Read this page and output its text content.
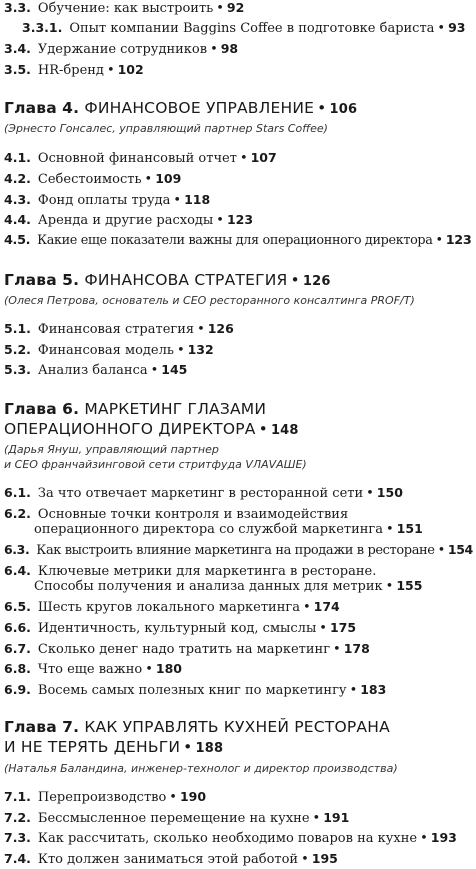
3.3. Обучение: как выстроить • 92
3.3.1. Опыт компании Baggins Coffee в подготовке бариста • 93
3.4. Удержание сотрудников • 98
3.5. HR-бренд • 102
Глава 4. ФИНАНСОВОЕ УПРАВЛЕНИЕ • 106
(Эрнесто Гонсалес, управляющий партнер Stars Coffee)
4.1. Основной финансовый отчет • 107
4.2. Себестоимость • 109
4.3. Фонд оплаты труда • 118
4.4. Аренда и другие расходы • 123
4.5. Какие еще показатели важны для операционного директора • 123
Глава 5. ФИНАНСОВА СТРАТЕГИЯ • 126
(Олеся Петрова, основатель и CEO ресторанного консалтинга PROF/T)
5.1. Финансовая стратегия • 126
5.2. Финансовая модель • 132
5.3. Анализ баланса • 145
Глава 6. МАРКЕТИНГ ГЛАЗАМИ
ОПЕРАЦИОННОГО ДИРЕКТОРА • 148
(Дарья Януш, управляющий партнер
и CEO франчайзинговой сети стритфуда VЛАVАШЕ)
6.1. За что отвечает маркетинг в ресторанной сети • 150
6.2. Основные точки контроля и взаимодействия
операционного директора со службой маркетинга • 151
6.3. Как выстроить влияние маркетинга на продажи в ресторане • 154
6.4. Ключевые метрики для маркетинга в ресторане.
Способы получения и анализа данных для метрик • 155
6.5. Шесть кругов локального маркетинга • 174
6.6. Идентичность, культурный код, смыслы • 175
6.7. Сколько денег надо тратить на маркетинг • 178
6.8. Что еще важно • 180
6.9. Восемь самых полезных книг по маркетингу • 183
Глава 7. КАК УПРАВЛЯТЬ КУХНЕЙ РЕСТОРАНА
И НЕ ТЕРЯТЬ ДЕНЬГИ • 188
(Наталья Баландина, инженер-технолог и директор производства)
7.1. Перепроизводство • 190
7.2. Бессмысленное перемещение на кухне • 191
7.3. Как рассчитать, сколько необходимо поваров на кухне • 193
7.4. Кто должен заниматься этой работой • 195
